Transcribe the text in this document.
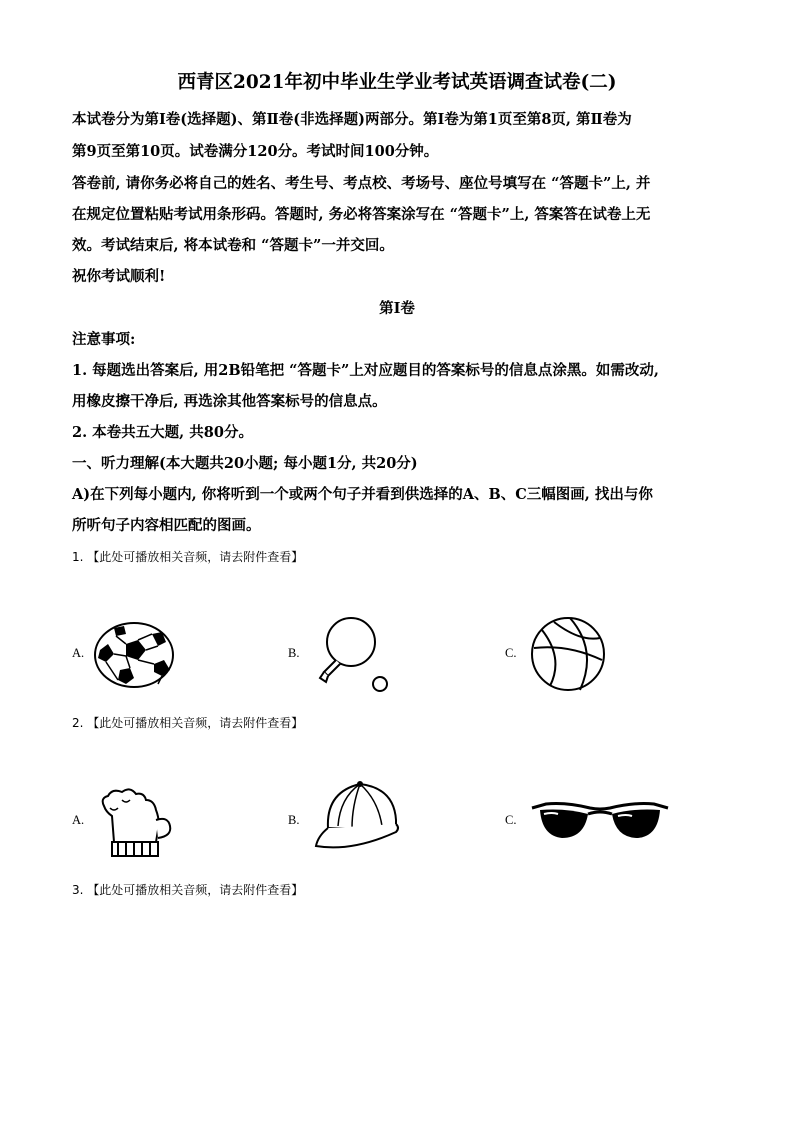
西青区2021年初中毕业生学业考试英语调查试卷(二)
本试卷分为第Ⅰ卷(选择题)、第Ⅱ卷(非选择题)两部分。第Ⅰ卷为第1页至第8页, 第Ⅱ卷为
第9页至第10页。试卷满分120分。考试时间100分钟。
答卷前, 请你务必将自己的姓名、考生号、考点校、考场号、座位号填写在 “答题卡”上, 并
在规定位置粘贴考试用条形码。答题时, 务必将答案涂写在 “答题卡”上, 答案答在试卷上无
效。考试结束后, 将本试卷和 “答题卡”一并交回。
祝你考试顺利!
第Ⅰ卷
注意事项:
1. 每题选出答案后, 用2B铅笔把 “答题卡”上对应题目的答案标号的信息点涂黑。如需改动,
用橡皮擦干净后, 再选涂其他答案标号的信息点。
2. 本卷共五大题, 共80分。
一、听力理解(本大题共20小题; 每小题1分, 共20分)
A)在下列每小题内, 你将听到一个或两个句子并看到供选择的A、B、C三幅图画, 找出与你
所听句子内容相匹配的图画。
1. 【此处可播放相关音频，请去附件查看】
A.	B.	C.
2. 【此处可播放相关音频，请去附件查看】
A.	B.	C.
3. 【此处可播放相关音频，请去附件查看】
